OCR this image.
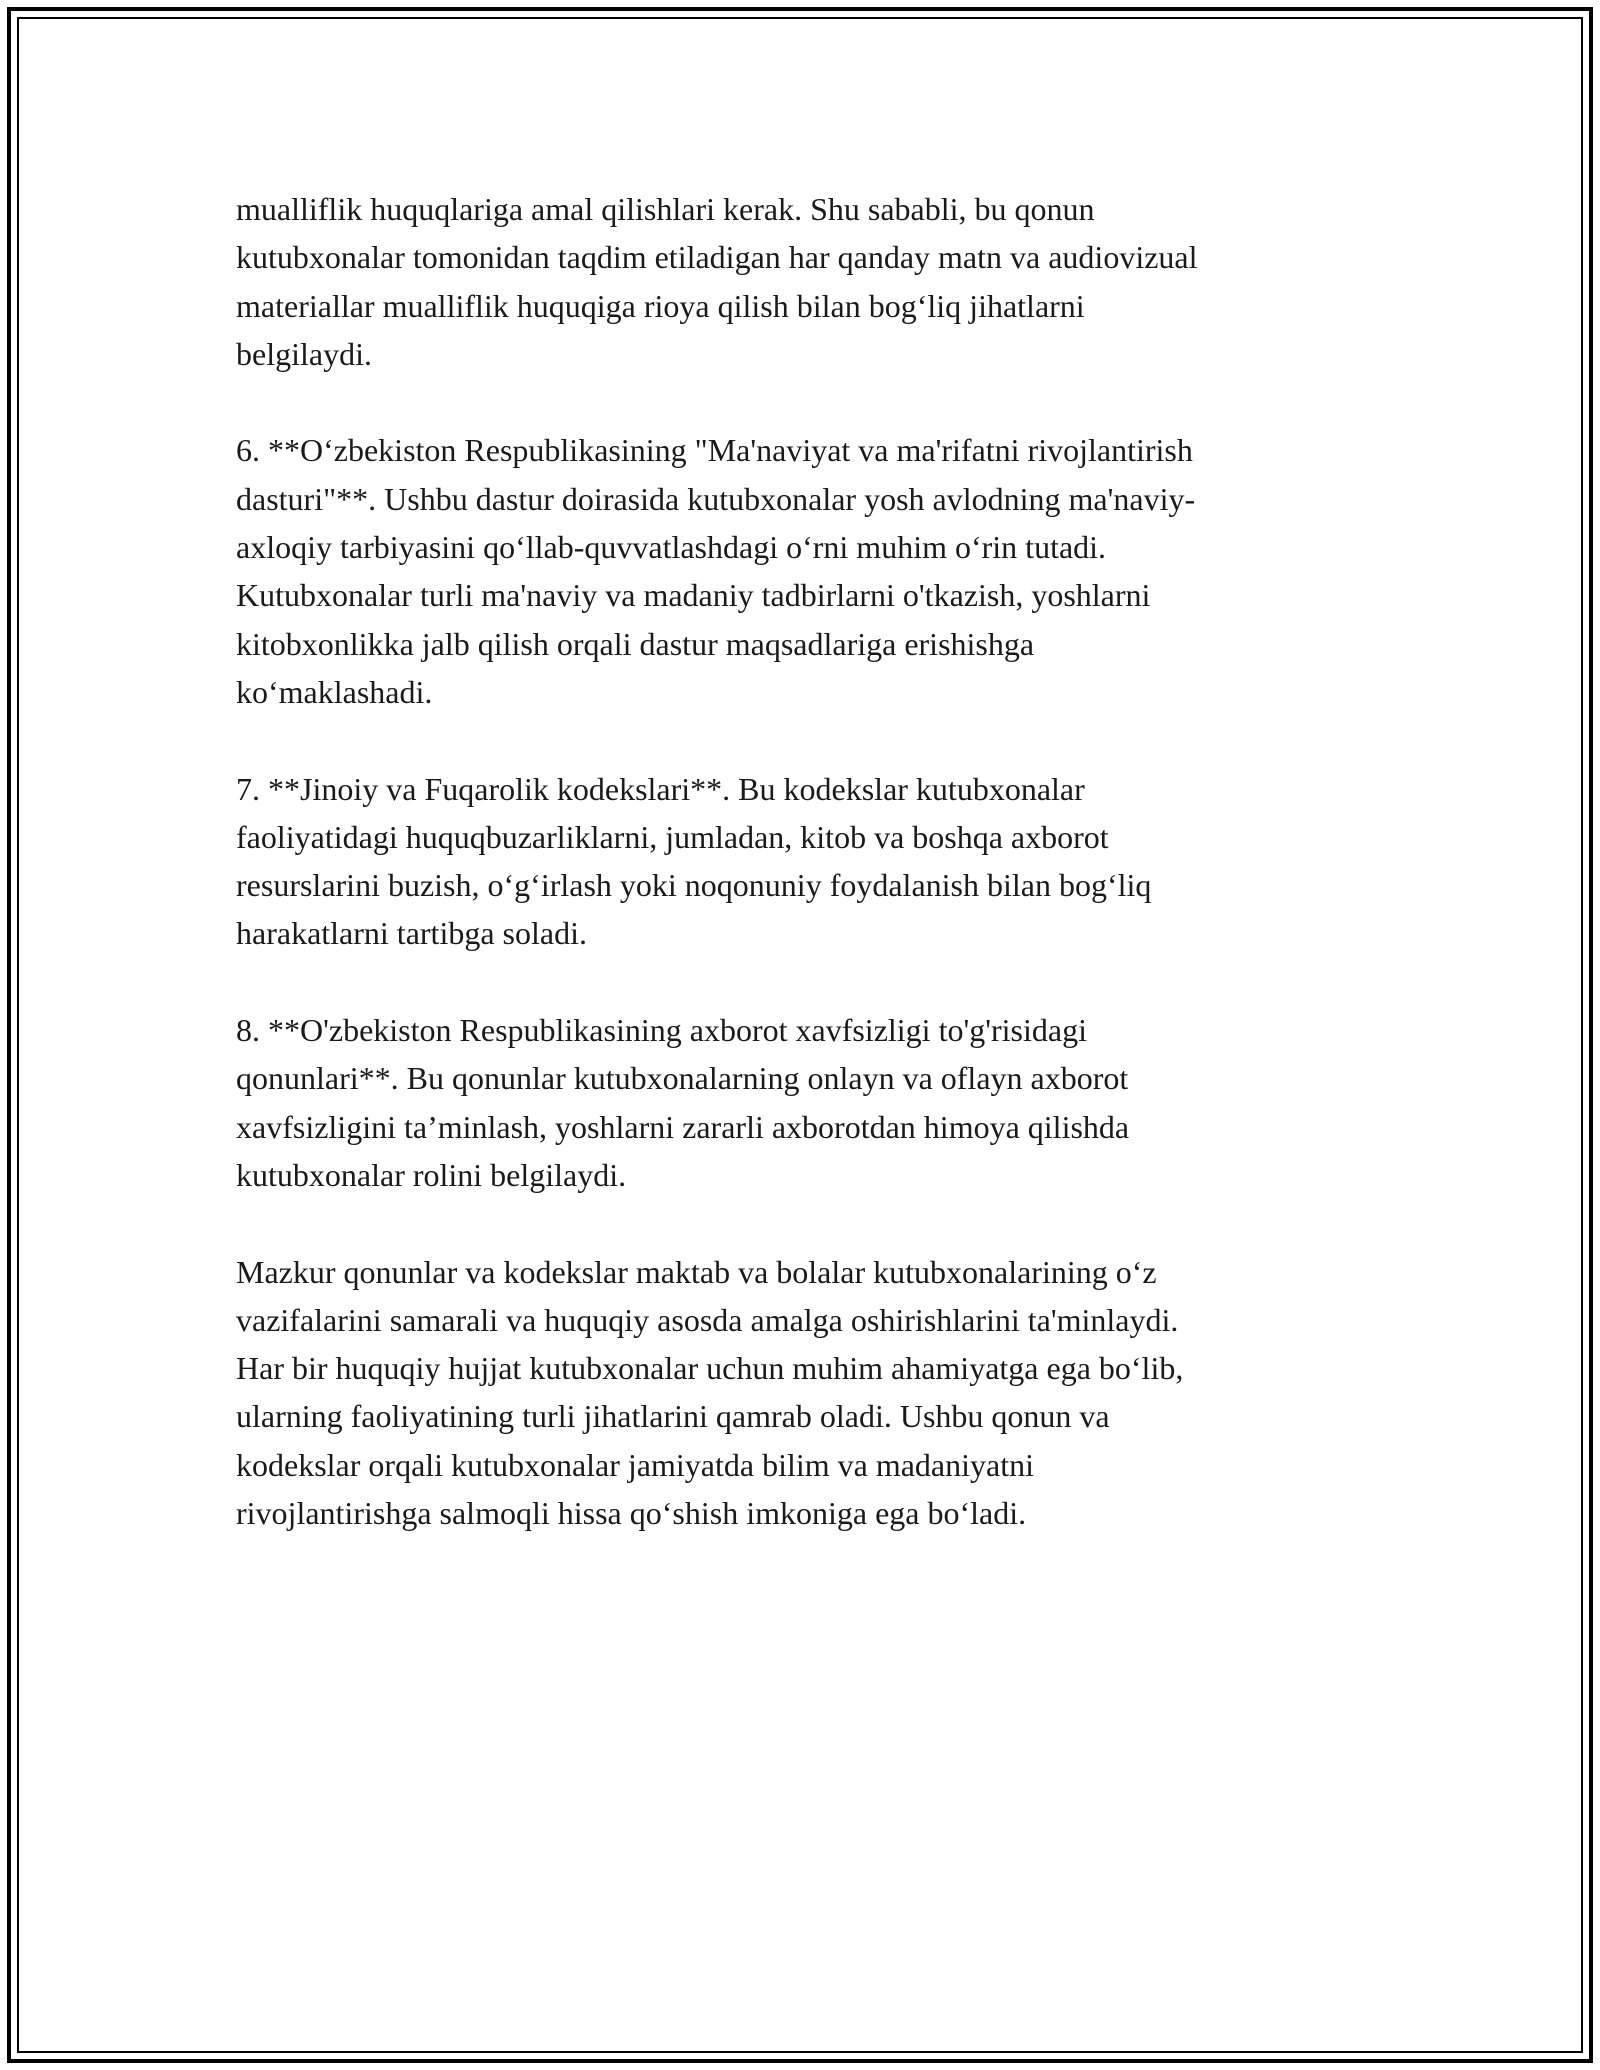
mualliflik huquqlariga amal qilishlari kerak. Shu sababli, bu qonun
kutubxonalar tomonidan taqdim etiladigan har qanday matn va audiovizual
materiallar mualliflik huquqiga rioya qilish bilan bog‘liq jihatlarni
belgilaydi.

6. **O‘zbekiston Respublikasining "Ma'naviyat va ma'rifatni rivojlantirish
dasturi"**. Ushbu dastur doirasida kutubxonalar yosh avlodning ma'naviy-
axloqiy tarbiyasini qo‘llab-quvvatlashdagi o‘rni muhim o‘rin tutadi.
Kutubxonalar turli ma'naviy va madaniy tadbirlarni o'tkazish, yoshlarni
kitobxonlikka jalb qilish orqali dastur maqsadlariga erishishga
ko‘maklashadi.

7. **Jinoiy va Fuqarolik kodekslari**. Bu kodekslar kutubxonalar
faoliyatidagi huquqbuzarliklarni, jumladan, kitob va boshqa axborot
resurslarini buzish, o‘g‘irlash yoki noqonuniy foydalanish bilan bog‘liq
harakatlarni tartibga soladi.

8. **O'zbekiston Respublikasining axborot xavfsizligi to'g'risidagi
qonunlari**. Bu qonunlar kutubxonalarning onlayn va oflayn axborot
xavfsizligini ta’minlash, yoshlarni zararli axborotdan himoya qilishda
kutubxonalar rolini belgilaydi.

Mazkur qonunlar va kodekslar maktab va bolalar kutubxonalarining o‘z
vazifalarini samarali va huquqiy asosda amalga oshirishlarini ta'minlaydi.
Har bir huquqiy hujjat kutubxonalar uchun muhim ahamiyatga ega bo‘lib,
ularning faoliyatining turli jihatlarini qamrab oladi. Ushbu qonun va
kodekslar orqali kutubxonalar jamiyatda bilim va madaniyatni
rivojlantirishga salmoqli hissa qo‘shish imkoniga ega bo‘ladi.
